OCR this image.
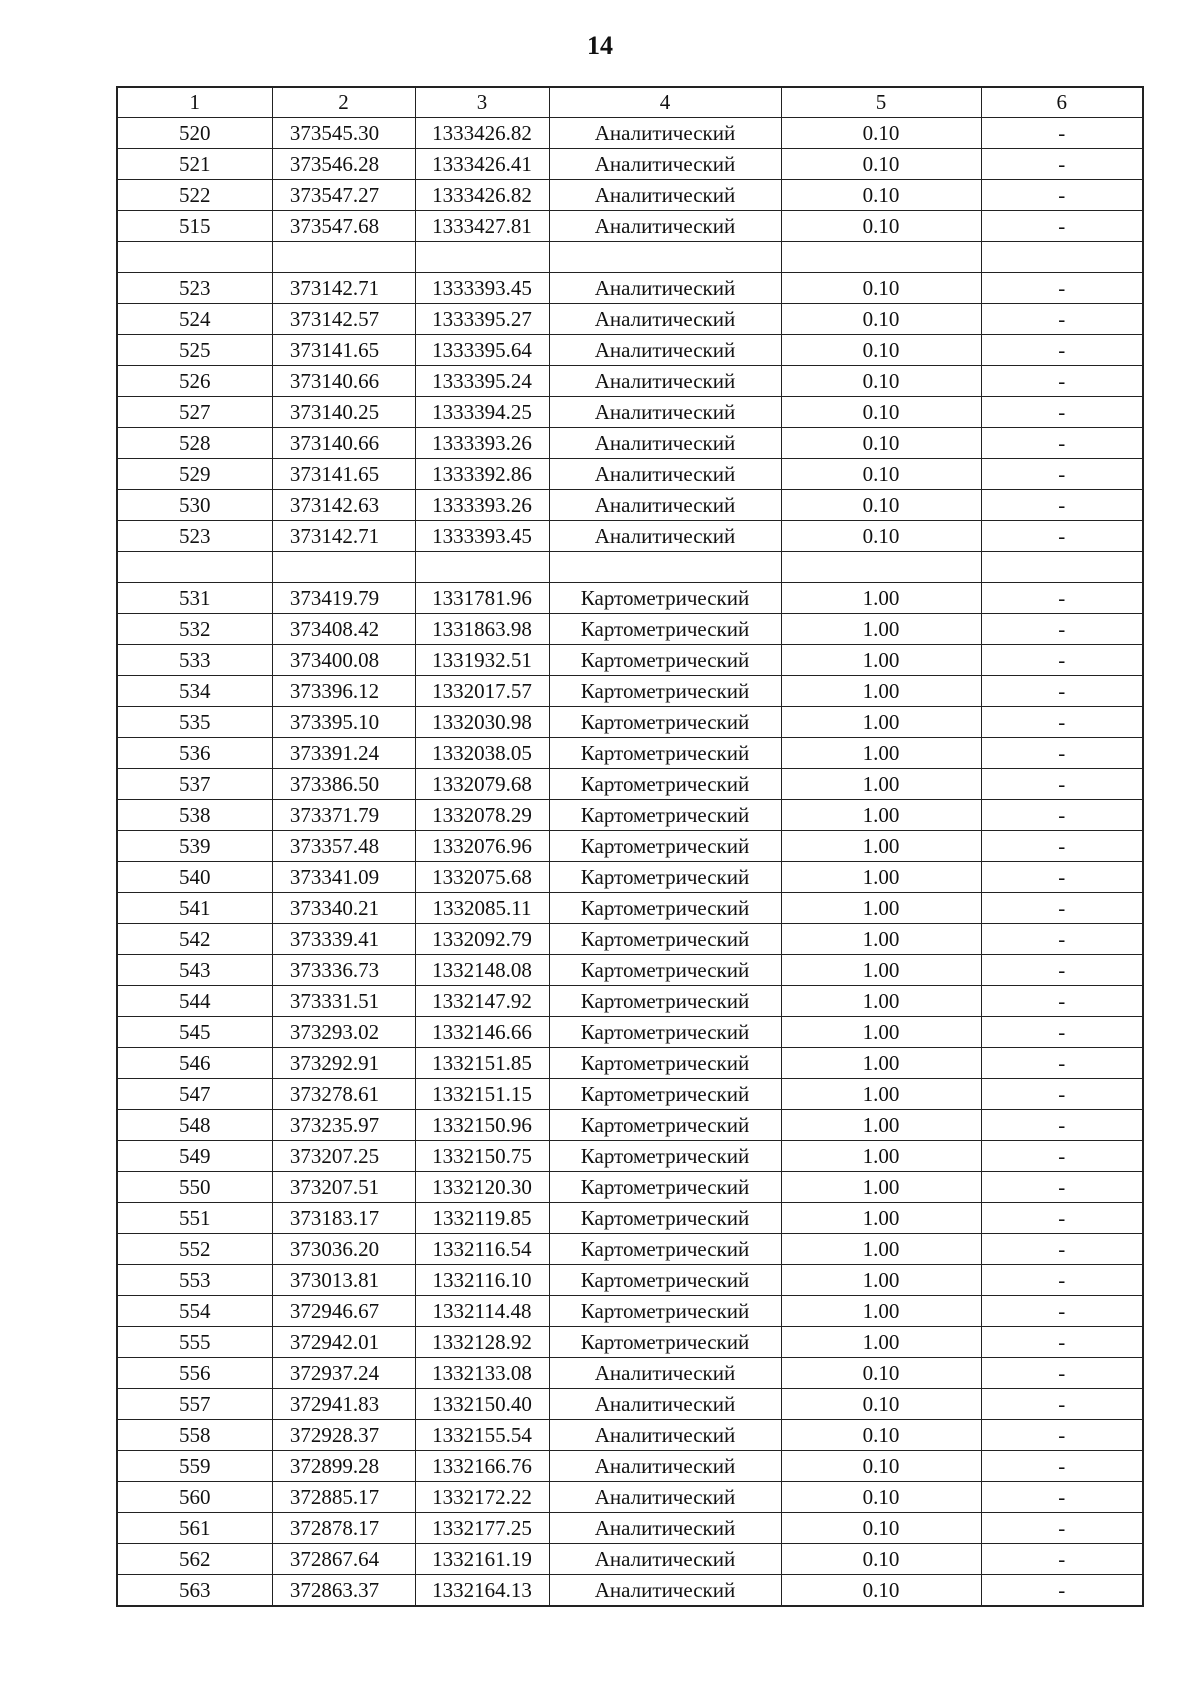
14
1	2	3	4	5	6
520	373545.30	1333426.82	Аналитический	0.10	-
521	373546.28	1333426.41	Аналитический	0.10	-
522	373547.27	1333426.82	Аналитический	0.10	-
515	373547.68	1333427.81	Аналитический	0.10	-

523	373142.71	1333393.45	Аналитический	0.10	-
524	373142.57	1333395.27	Аналитический	0.10	-
525	373141.65	1333395.64	Аналитический	0.10	-
526	373140.66	1333395.24	Аналитический	0.10	-
527	373140.25	1333394.25	Аналитический	0.10	-
528	373140.66	1333393.26	Аналитический	0.10	-
529	373141.65	1333392.86	Аналитический	0.10	-
530	373142.63	1333393.26	Аналитический	0.10	-
523	373142.71	1333393.45	Аналитический	0.10	-

531	373419.79	1331781.96	Картометрический	1.00	-
532	373408.42	1331863.98	Картометрический	1.00	-
533	373400.08	1331932.51	Картометрический	1.00	-
534	373396.12	1332017.57	Картометрический	1.00	-
535	373395.10	1332030.98	Картометрический	1.00	-
536	373391.24	1332038.05	Картометрический	1.00	-
537	373386.50	1332079.68	Картометрический	1.00	-
538	373371.79	1332078.29	Картометрический	1.00	-
539	373357.48	1332076.96	Картометрический	1.00	-
540	373341.09	1332075.68	Картометрический	1.00	-
541	373340.21	1332085.11	Картометрический	1.00	-
542	373339.41	1332092.79	Картометрический	1.00	-
543	373336.73	1332148.08	Картометрический	1.00	-
544	373331.51	1332147.92	Картометрический	1.00	-
545	373293.02	1332146.66	Картометрический	1.00	-
546	373292.91	1332151.85	Картометрический	1.00	-
547	373278.61	1332151.15	Картометрический	1.00	-
548	373235.97	1332150.96	Картометрический	1.00	-
549	373207.25	1332150.75	Картометрический	1.00	-
550	373207.51	1332120.30	Картометрический	1.00	-
551	373183.17	1332119.85	Картометрический	1.00	-
552	373036.20	1332116.54	Картометрический	1.00	-
553	373013.81	1332116.10	Картометрический	1.00	-
554	372946.67	1332114.48	Картометрический	1.00	-
555	372942.01	1332128.92	Картометрический	1.00	-
556	372937.24	1332133.08	Аналитический	0.10	-
557	372941.83	1332150.40	Аналитический	0.10	-
558	372928.37	1332155.54	Аналитический	0.10	-
559	372899.28	1332166.76	Аналитический	0.10	-
560	372885.17	1332172.22	Аналитический	0.10	-
561	372878.17	1332177.25	Аналитический	0.10	-
562	372867.64	1332161.19	Аналитический	0.10	-
563	372863.37	1332164.13	Аналитический	0.10	-
